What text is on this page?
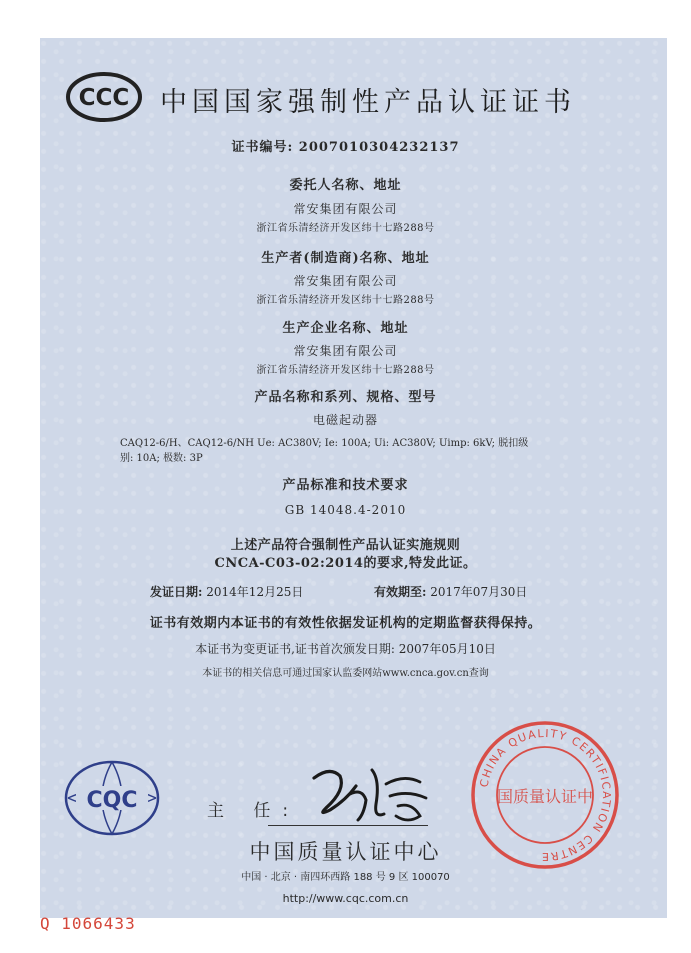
CCC 中国国家强制性产品认证证书
证书编号: 2007010304232137
委托人名称、地址
常安集团有限公司
浙江省乐清经济开发区纬十七路288号
生产者(制造商)名称、地址
常安集团有限公司
浙江省乐清经济开发区纬十七路288号
生产企业名称、地址
常安集团有限公司
浙江省乐清经济开发区纬十七路288号
产品名称和系列、规格、型号
电磁起动器
CAQ12-6/H、CAQ12-6/NH Ue: AC380V; Ie: 100A; Ui: AC380V; Uimp: 6kV; 脱扣级
别: 10A; 极数: 3P
产品标准和技术要求
GB 14048.4-2010
上述产品符合强制性产品认证实施规则
CNCA-C03-02:2014的要求,特发此证。
发证日期: 2014年12月25日	有效期至: 2017年07月30日
证书有效期内本证书的有效性依据发证机构的定期监督获得保持。
本证书为变更证书,证书首次颁发日期: 2007年05月10日
本证书的相关信息可通过国家认监委网站www.cnca.gov.cn查询
CQC	主 任:
中国质量认证中心
中国 · 北京 · 南四环西路 188 号 9 区 100070
http://www.cqc.com.cn
Q 1066433
CHINA QUALITY CERTIFICATION CENTRE
国质量认证中
